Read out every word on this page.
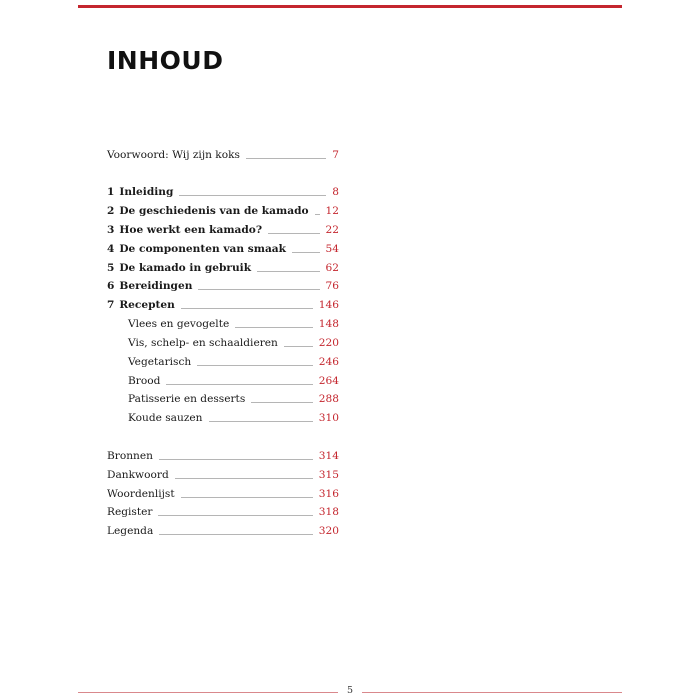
INHOUD
Voorwoord: Wij zijn koks	7
1 Inleiding	8
2 De geschiedenis van de kamado 12
3 Hoe werkt een kamado?	22
4 De componenten van smaak	54
5 De kamado in gebruik	62
6 Bereidingen	76
7 Recepten	146
Vlees en gevogelte	148
Vis, schelp- en schaaldieren	220
Vegetarisch	246
Brood	264
Patisserie en desserts	288
Koude sauzen	310
Bronnen	314
Dankwoord	315
Woordenlijst	316
Register	318
Legenda	320
5
